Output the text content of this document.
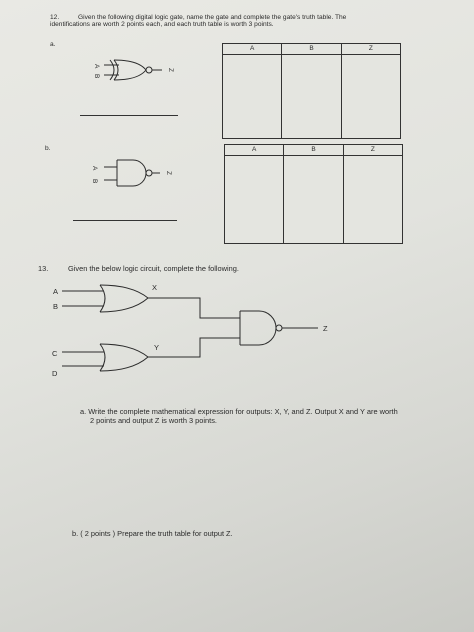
12.	Given the following digital logic gate, name the gate and complete the gate's truth table. The
identifications are worth 2 points each, and each truth table is worth 3 points.
a.
b.
A
B
Z
A
B
Z
A
B
C
D
X
Y
Z
A	B	Z
A	B	Z
13.	Given the below logic circuit, complete the following.
a. Write the complete mathematical expression for outputs: X, Y, and Z. Output X and Y are worth
2 points and output Z is worth 3 points.
b. ( 2 points ) Prepare the truth table for output Z.
